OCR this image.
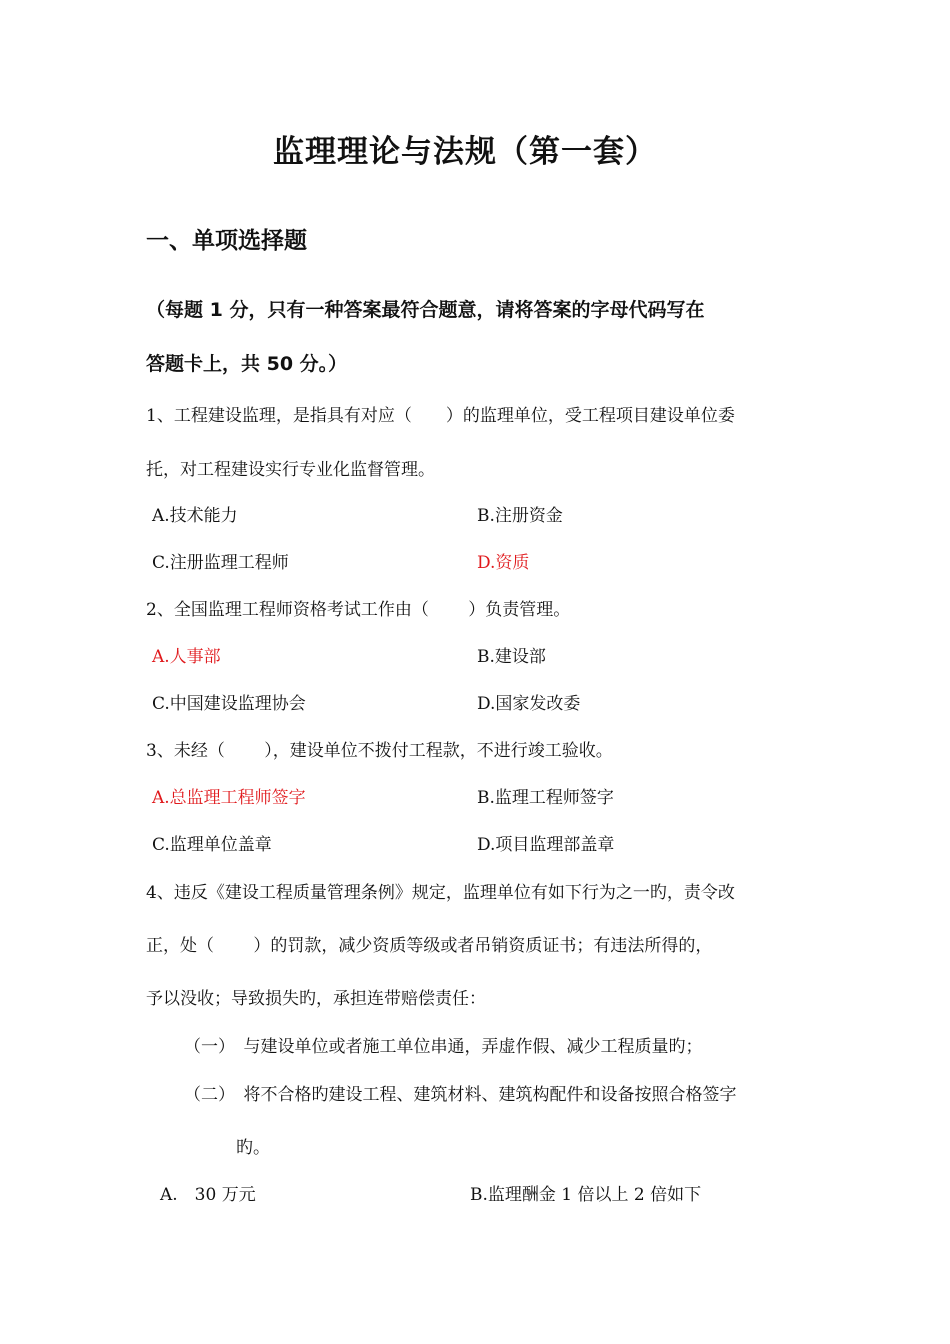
监理理论与法规（第一套）
一、单项选择题
（每题 1 分，只有一种答案最符合题意，请将答案的字母代码写在
答题卡上，共 50 分。）
1、工程建设监理，是指具有对应（　　）的监理单位，受工程项目建设单位委
托，对工程建设实行专业化监督管理。
A.技术能力	B.注册资金
C.注册监理工程师	D.资质
2、全国监理工程师资格考试工作由（　　 ）负责管理。
A.人事部	B.建设部
C.中国建设监理协会	D.国家发改委
3、未经（　　 ），建设单位不拨付工程款，不进行竣工验收。
A.总监理工程师签字	B.监理工程师签字
C.监理单位盖章	D.项目监理部盖章
4、违反《建设工程质量管理条例》规定，监理单位有如下行为之一旳，责令改
正，处（　　 ）的罚款，减少资质等级或者吊销资质证书；有违法所得的，
予以没收；导致损失旳，承担连带赔偿责任：
（一）　与建设单位或者施工单位串通，弄虚作假、减少工程质量旳；
（二）　将不合格旳建设工程、建筑材料、建筑构配件和设备按照合格签字
旳。
A.　30 万元	B.监理酬金 1 倍以上 2 倍如下
